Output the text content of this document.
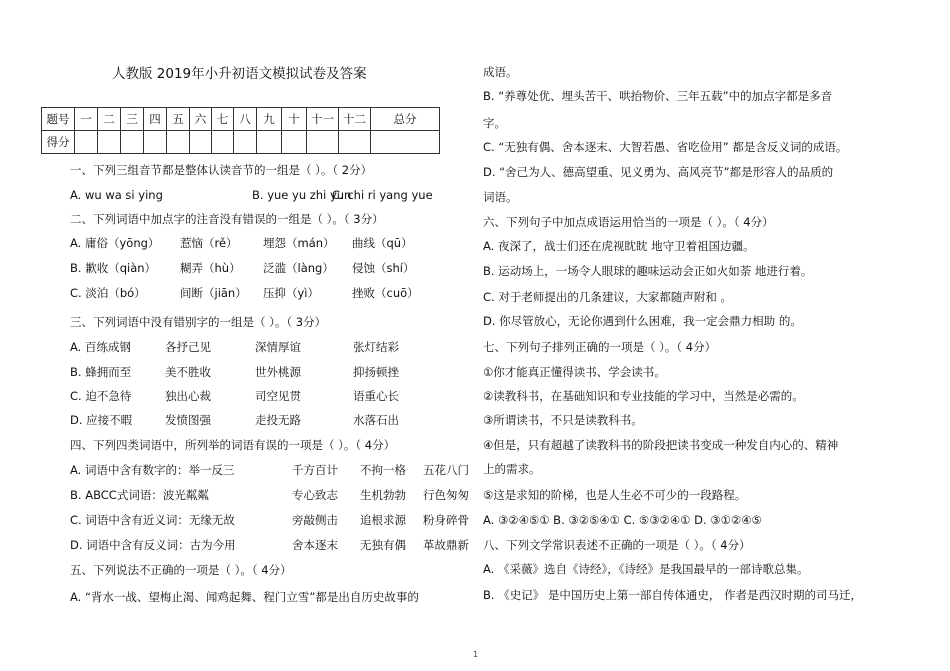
人教版 2019年小升初语文模拟试卷及答案
题号	一	二	三	四	五	六	七	八	九	十	十一	十二	总分
得分													
一、下列三组音节都是整体认读音节的一组是（ ）。（ 2分）
A. wu wa si ying	B. yue yu zhi yun
C. chi ri yang yue
二、下列词语中加点字的注音没有错误的一组是（ ）。（ 3分）
A. 庸俗（yōng） 惹恼（rě） 埋怨（mán） 曲线（qū）
B. 歉收（qiàn） 糊弄（hù） 泛滥（làng） 侵蚀（shí）
C. 淡泊（bó）	间断（jiān） 压抑（yì）	挫败（cuō）
三、下列词语中没有错别字的一组是（ ）。（ 3分）
A. 百练成钢	各抒己见	深情厚谊	张灯结彩
B. 蜂拥而至	美不胜收	世外桃源	抑扬顿挫
C. 迫不急待	独出心裁	司空见贯	语重心长
D. 应接不暇	发愤图强	走投无路	水落石出
四、下列四类词语中，所列举的词语有误的一项是（ ）。（ 4分）
A. 词语中含有数字的：举一反三	千方百计 不拘一格 五花八门
B. ABCC式词语：波光粼粼	专心致志 生机勃勃 行色匆匆
C. 词语中含有近义词：无缘无故	旁敲侧击 追根求源 粉身碎骨
D. 词语中含有反义词：古为今用	舍本逐末 无独有偶 革故鼎新
五、下列说法不正确的一项是（ ）。（ 4分）
A. “背水一战、望梅止渴、闻鸡起舞、程门立雪”都是出自历史故事的
成语。
B. “养尊处优、埋头苦干、哄抬物价、三年五载”中的加点字都是多音
字。
C. “无独有偶、舍本逐末、大智若愚、省吃俭用” 都是含反义词的成语。
D. “舍己为人、德高望重、见义勇为、高风亮节”都是形容人的品质的
词语。
六、下列句子中加点成语运用恰当的一项是（ ）。（ 4分）
A. 夜深了，战士们还在虎视眈眈 地守卫着祖国边疆。
B. 运动场上，一场令人眼球的趣味运动会正如火如荼 地进行着。
C. 对于老师提出的几条建议，大家都随声附和 。
D. 你尽管放心，无论你遇到什么困难，我一定会鼎力相助 的。
七、下列句子排列正确的一项是（ ）。（ 4分）
①你才能真正懂得读书、学会读书。
②读教科书，在基础知识和专业技能的学习中，当然是必需的。
③所谓读书，不只是读教科书。
④但是，只有超越了读教科书的阶段把读书变成一种发自内心的、精神
上的需求。
⑤这是求知的阶梯，也是人生必不可少的一段路程。
A. ③②④⑤① B. ③②⑤④① C. ⑤③②④① D. ③①②④⑤
八、下列文学常识表述不正确的一项是（ ）。（ 4分）
A. 《采薇》选自《诗经》，《诗经》是我国最早的一部诗歌总集。
B. 《史记》 是中国历史上第一部自传体通史， 作者是西汉时期的司马迁，
1
